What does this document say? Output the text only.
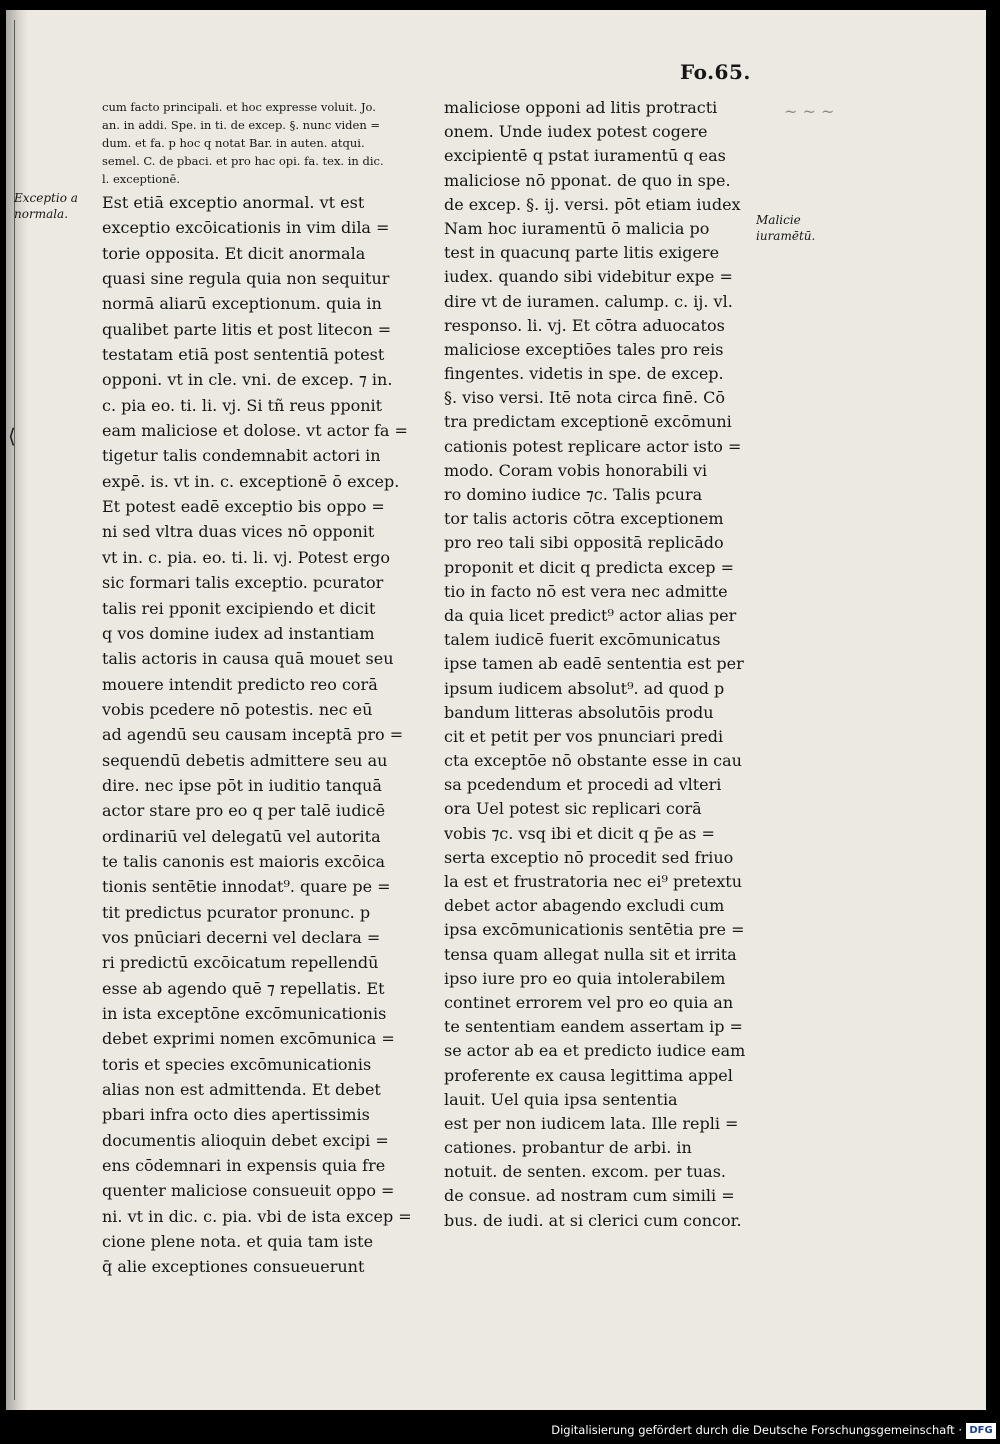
⟨
Fo.65.
Exceptio a normala.	Malicie iuramētū.
~ ~ ~
cum facto principali. et hoc expresse voluit. Jo.
an. in addi. Spe. in ti. de excep. §. nunc viden =
dum. et fa. p hoc q notat Bar. in auten. atqui.
semel. C. de pbaci. et pro hac opi. fa. tex. in dic.
l. exceptionē.
Est etiā exceptio anormal. vt est
exceptio excōicationis in vim dila =
torie opposita. Et dicit anormala
quasi sine regula quia non sequitur
normā aliarū exceptionum. quia in
qualibet parte litis et post litecon =
testatam etiā post sententiā potest
opponi. vt in cle. vni. de excep. ⁊ in.
c. pia eo. ti. li. vj. Si tñ reus pponit
eam maliciose et dolose. vt actor fa =
tigetur talis condemnabit actori in
expē. is. vt in. c. exceptionē ō excep.
Et potest eadē exceptio bis oppo =
ni sed vltra duas vices nō opponit
vt in. c. pia. eo. ti. li. vj. Potest ergo
sic formari talis exceptio. pcurator
talis rei pponit excipiendo et dicit
q vos domine iudex ad instantiam
talis actoris in causa quā mouet seu
mouere intendit predicto reo corā
vobis pcedere nō potestis. nec eū
ad agendū seu causam inceptā pro =
sequendū debetis admittere seu au
dire. nec ipse pōt in iuditio tanquā
actor stare pro eo q per talē iudicē
ordinariū vel delegatū vel autorita
te talis canonis est maioris excōica
tionis sentētie innodat⁹. quare pe =
tit predictus pcurator pronunc. p
vos pnūciari decerni vel declara =
ri predictū excōicatum repellendū
esse ab agendo quē ⁊ repellatis. Et
in ista exceptōne excōmunicationis
debet exprimi nomen excōmunica =
toris et species excōmunicationis
alias non est admittenda. Et debet
pbari infra octo dies apertissimis
documentis alioquin debet excipi =
ens cōdemnari in expensis quia fre
quenter maliciose consueuit oppo =
ni. vt in dic. c. pia. vbi de ista excep =
cione plene nota. et quia tam iste
q̄ alie exceptiones consueuerunt
maliciose opponi ad litis protracti
onem. Unde iudex potest cogere
excipientē q pstat iuramentū q eas
maliciose nō pponat. de quo in spe.
de excep. §. ij. versi. pōt etiam iudex
Nam hoc iuramentū ō malicia po
test in quacunq parte litis exigere
iudex. quando sibi videbitur expe =
dire vt de iuramen. calump. c. ij. vl.
responso. li. vj. Et cōtra aduocatos
maliciose exceptiōes tales pro reis
fingentes. videtis in spe. de excep.
§. viso versi. Itē nota circa finē. Cō
tra predictam exceptionē excōmuni
cationis potest replicare actor isto =
modo. Coram vobis honorabili vi
ro domino iudice ⁊c. Talis pcura
tor talis actoris cōtra exceptionem
pro reo tali sibi oppositā replicādo
proponit et dicit q predicta excep =
tio in facto nō est vera nec admitte
da quia licet predict⁹ actor alias per
talem iudicē fuerit excōmunicatus
ipse tamen ab eadē sententia est per
ipsum iudicem absolut⁹. ad quod p
bandum litteras absolutōis produ
cit et petit per vos pnunciari predi
cta exceptōe nō obstante esse in cau
sa pcedendum et procedi ad vlteri
ora Uel potest sic replicari corā
vobis ⁊c. vsq ibi et dicit q p̄e as =
serta exceptio nō procedit sed friuo
la est et frustratoria nec ei⁹ pretextu
debet actor abagendo excludi cum
ipsa excōmunicationis sentētia pre =
tensa quam allegat nulla sit et irrita
ipso iure pro eo quia intolerabilem
continet errorem vel pro eo quia an
te sententiam eandem assertam ip =
se actor ab ea et predicto iudice eam
proferente ex causa legittima appel
lauit. Uel quia ipsa sententia
est per non iudicem lata. Ille repli =
cationes. probantur de arbi. in
notuit. de senten. excom. per tuas.
de consue. ad nostram cum simili =
bus. de iudi. at si clerici cum concor.
Digitalisierung gefördert durch die Deutsche Forschungsgemeinschaft · DFG
